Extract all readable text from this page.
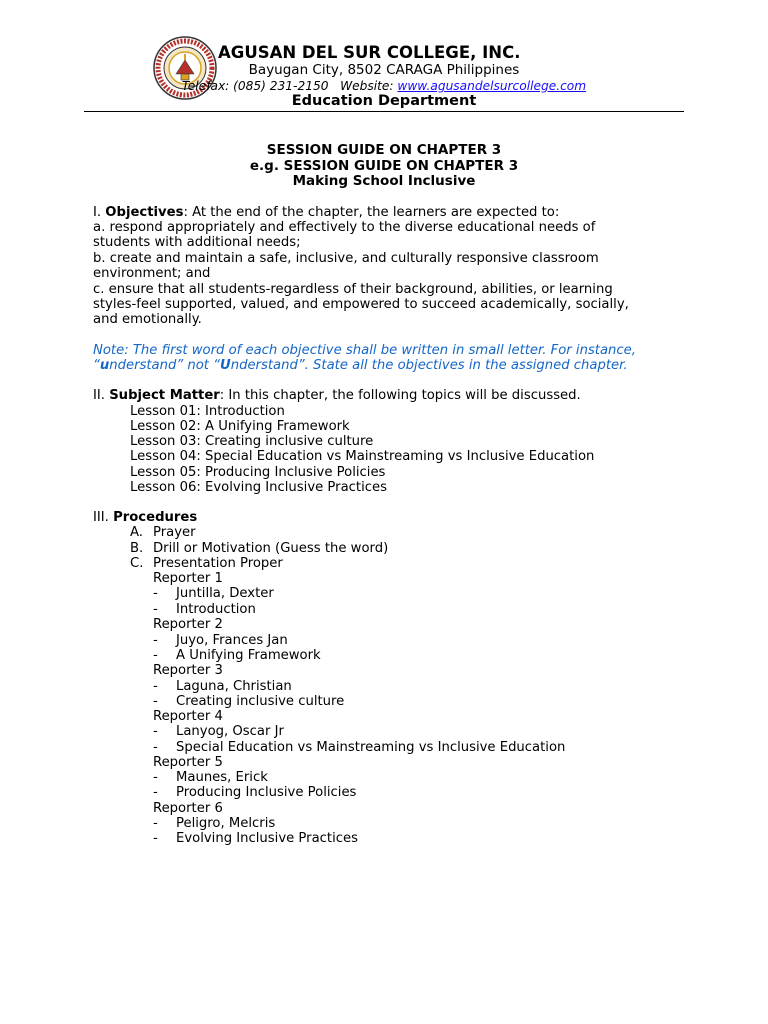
AGUSAN DEL SUR COLLEGE, INC.
Bayugan City, 8502 CARAGA Philippines
Telefax: (085) 231-2150 Website: www.agusandelsurcollege.com
Education Department
SESSION GUIDE ON CHAPTER 3
e.g. SESSION GUIDE ON CHAPTER 3
Making School Inclusive
I. Objectives: At the end of the chapter, the learners are expected to:
a. respond appropriately and effectively to the diverse educational needs of
students with additional needs;
b. create and maintain a safe, inclusive, and culturally responsive classroom
environment; and
c. ensure that all students-regardless of their background, abilities, or learning
styles-feel supported, valued, and empowered to succeed academically, socially,
and emotionally.
Note: The first word of each objective shall be written in small letter. For instance,
“understand” not “Understand”. State all the objectives in the assigned chapter.
II. Subject Matter: In this chapter, the following topics will be discussed.
Lesson 01: Introduction
Lesson 02: A Unifying Framework
Lesson 03: Creating inclusive culture
Lesson 04: Special Education vs Mainstreaming vs Inclusive Education
Lesson 05: Producing Inclusive Policies
Lesson 06: Evolving Inclusive Practices
III. Procedures
A. Prayer
B. Drill or Motivation (Guess the word)
C. Presentation Proper
Reporter 1
- Juntilla, Dexter
- Introduction
Reporter 2
- Juyo, Frances Jan
- A Unifying Framework
Reporter 3
- Laguna, Christian
- Creating inclusive culture
Reporter 4
- Lanyog, Oscar Jr
- Special Education vs Mainstreaming vs Inclusive Education
Reporter 5
- Maunes, Erick
- Producing Inclusive Policies
Reporter 6
- Peligro, Melcris
- Evolving Inclusive Practices
